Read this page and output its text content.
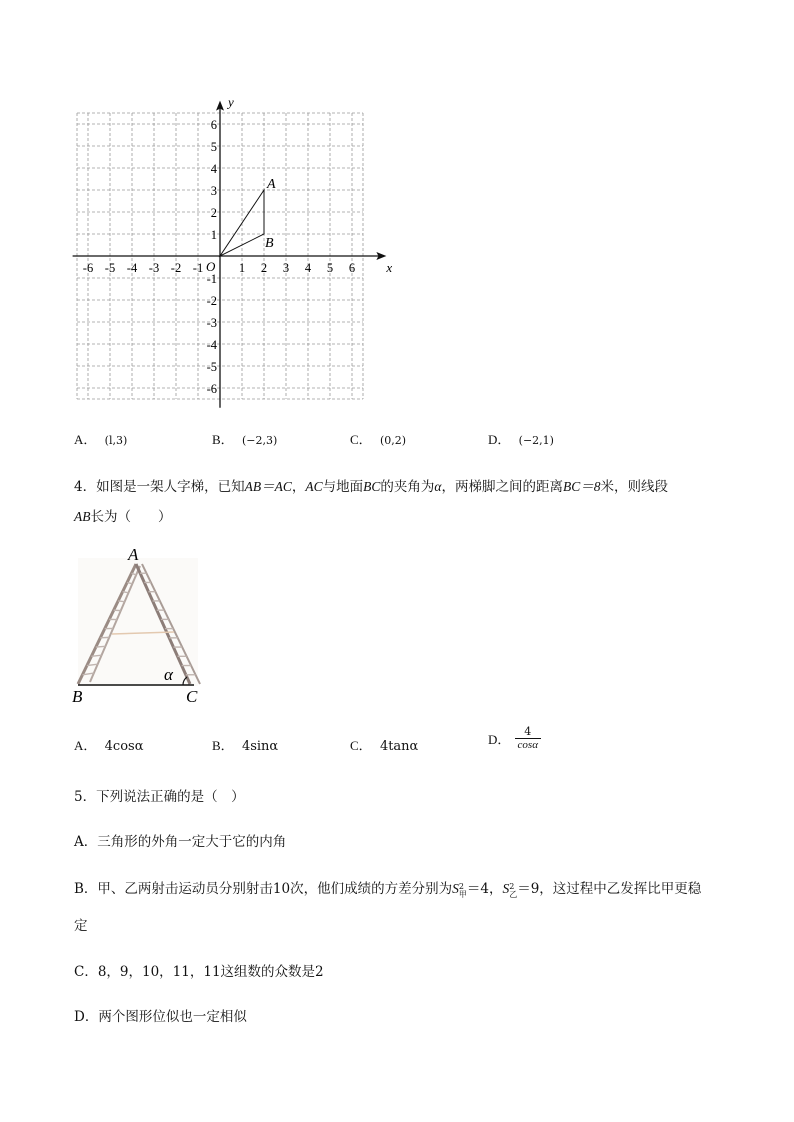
x
y
O
-6 -5 -4 -3 -2 -1	1 2 3 4 5 6
6
5
4
3
2
1
-1
-2
-3
-4
-5
-6
A
B
A． (l,3)	B． (−2,3)	C． (0,2)	D． (−2,1)
4．如图是一架人字梯，已知AB＝AC，AC与地面BC的夹角为α，两梯脚之间的距离BC＝8米，则线段
AB长为（　　）
A
B	C
α
A． 4cosα	B． 4sinα	C． 4tanα	D． $\frac{4}{\cos\alpha}$
5．下列说法正确的是（　）
A．三角形的外角一定大于它的内角
B．甲、乙两射击运动员分别射击10次，他们成绩的方差分别为S 2
甲 ＝4，S 2
乙 ＝9，这过程中乙发挥比甲更稳
定
C．8，9，10，11，11这组数的众数是2
D．两个图形位似也一定相似
